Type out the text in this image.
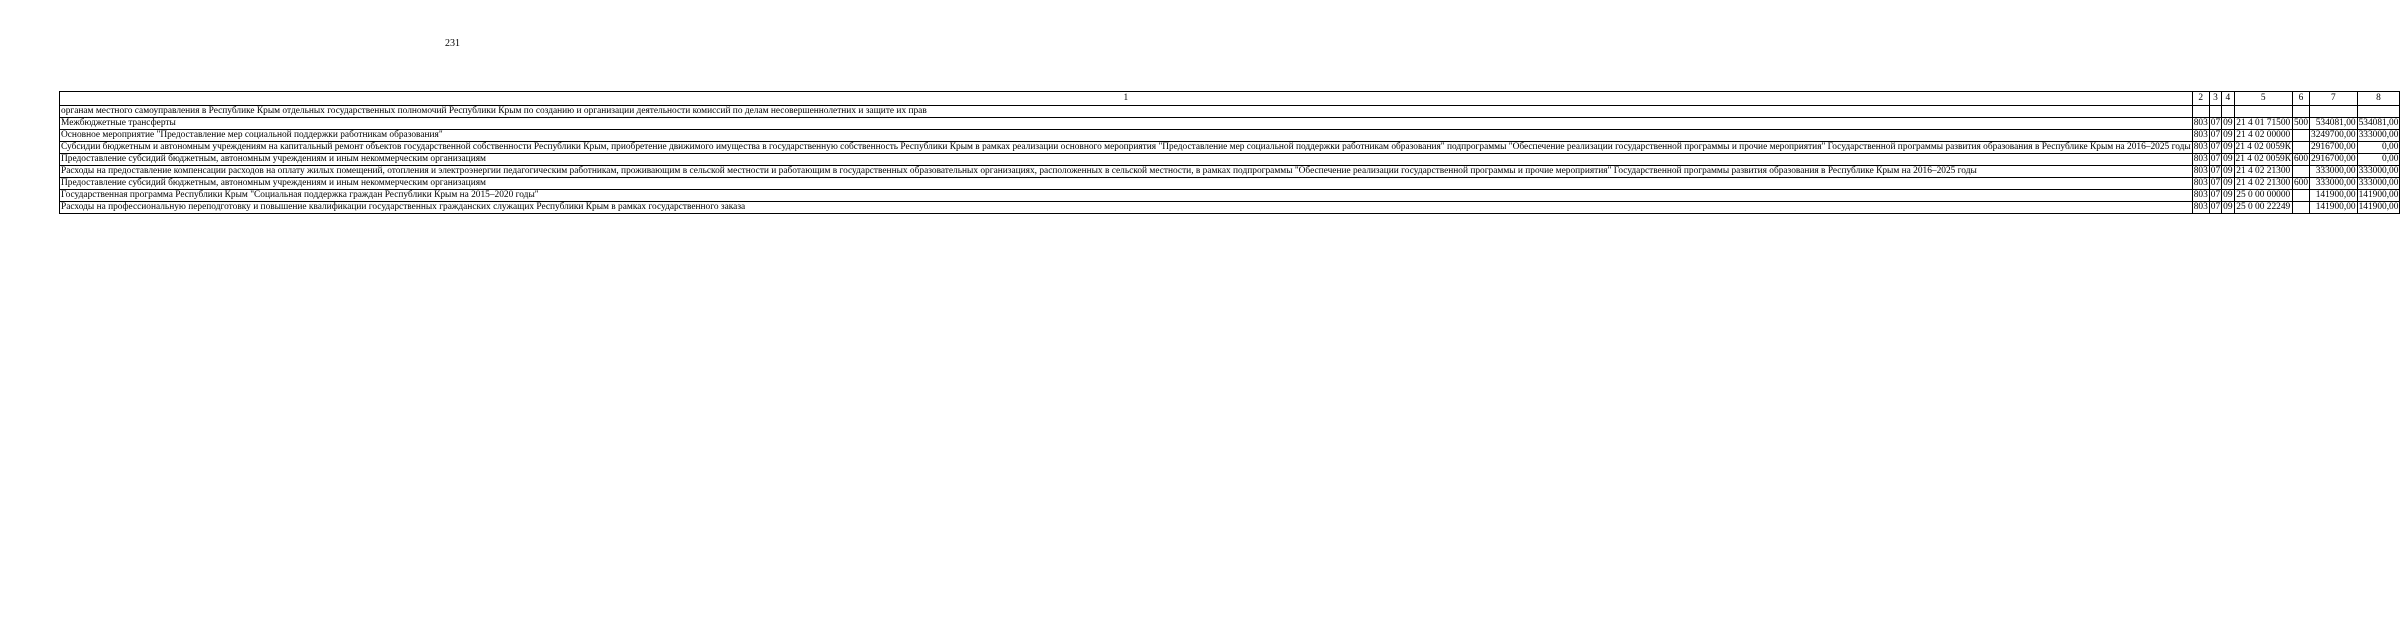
231
1	2	3	4	5	6	7	8
органам местного самоуправления в Республике Крым отдельных государственных полномочий Республики Крым по созданию и организации деятельности комиссий по делам несовершеннолетних и защите их прав							
Межбюджетные трансферты	803	07	09	21 4 01 71500	500	534081,00	534081,00
Основное мероприятие "Предоставление мер социальной поддержки работникам образования"	803	07	09	21 4 02 00000		3249700,00	333000,00
Субсидии бюджетным и автономным учреждениям на капитальный ремонт объектов государственной собственности Республики Крым, приобретение движимого имущества в государственную собственность Республики Крым в рамках реализации основного мероприятия "Предоставление мер социальной поддержки работникам образования" подпрограммы "Обеспечение реализации государственной программы и прочие мероприятия" Государственной программы развития образования в Республике Крым на 2016–2025 годы	803	07	09	21 4 02 0059К		2916700,00	0,00
Предоставление субсидий бюджетным, автономным учреждениям и иным некоммерческим организациям	803	07	09	21 4 02 0059К	600	2916700,00	0,00
Расходы на предоставление компенсации расходов на оплату жилых помещений, отопления и электроэнергии педагогическим работникам, проживающим в сельской местности и работающим в государственных образовательных организациях, расположенных в сельской местности, в рамках подпрограммы "Обеспечение реализации государственной программы и прочие мероприятия" Государственной программы развития образования в Республике Крым на 2016–2025 годы	803	07	09	21 4 02 21300		333000,00	333000,00
Предоставление субсидий бюджетным, автономным учреждениям и иным некоммерческим организациям	803	07	09	21 4 02 21300	600	333000,00	333000,00
Государственная программа Республики Крым "Социальная поддержка граждан Республики Крым на 2015–2020 годы"	803	07	09	25 0 00 00000		141900,00	141900,00
Расходы на профессиональную переподготовку и повышение квалификации государственных гражданских служащих Республики Крым в рамках государственного заказа	803	07	09	25 0 00 22249		141900,00	141900,00
